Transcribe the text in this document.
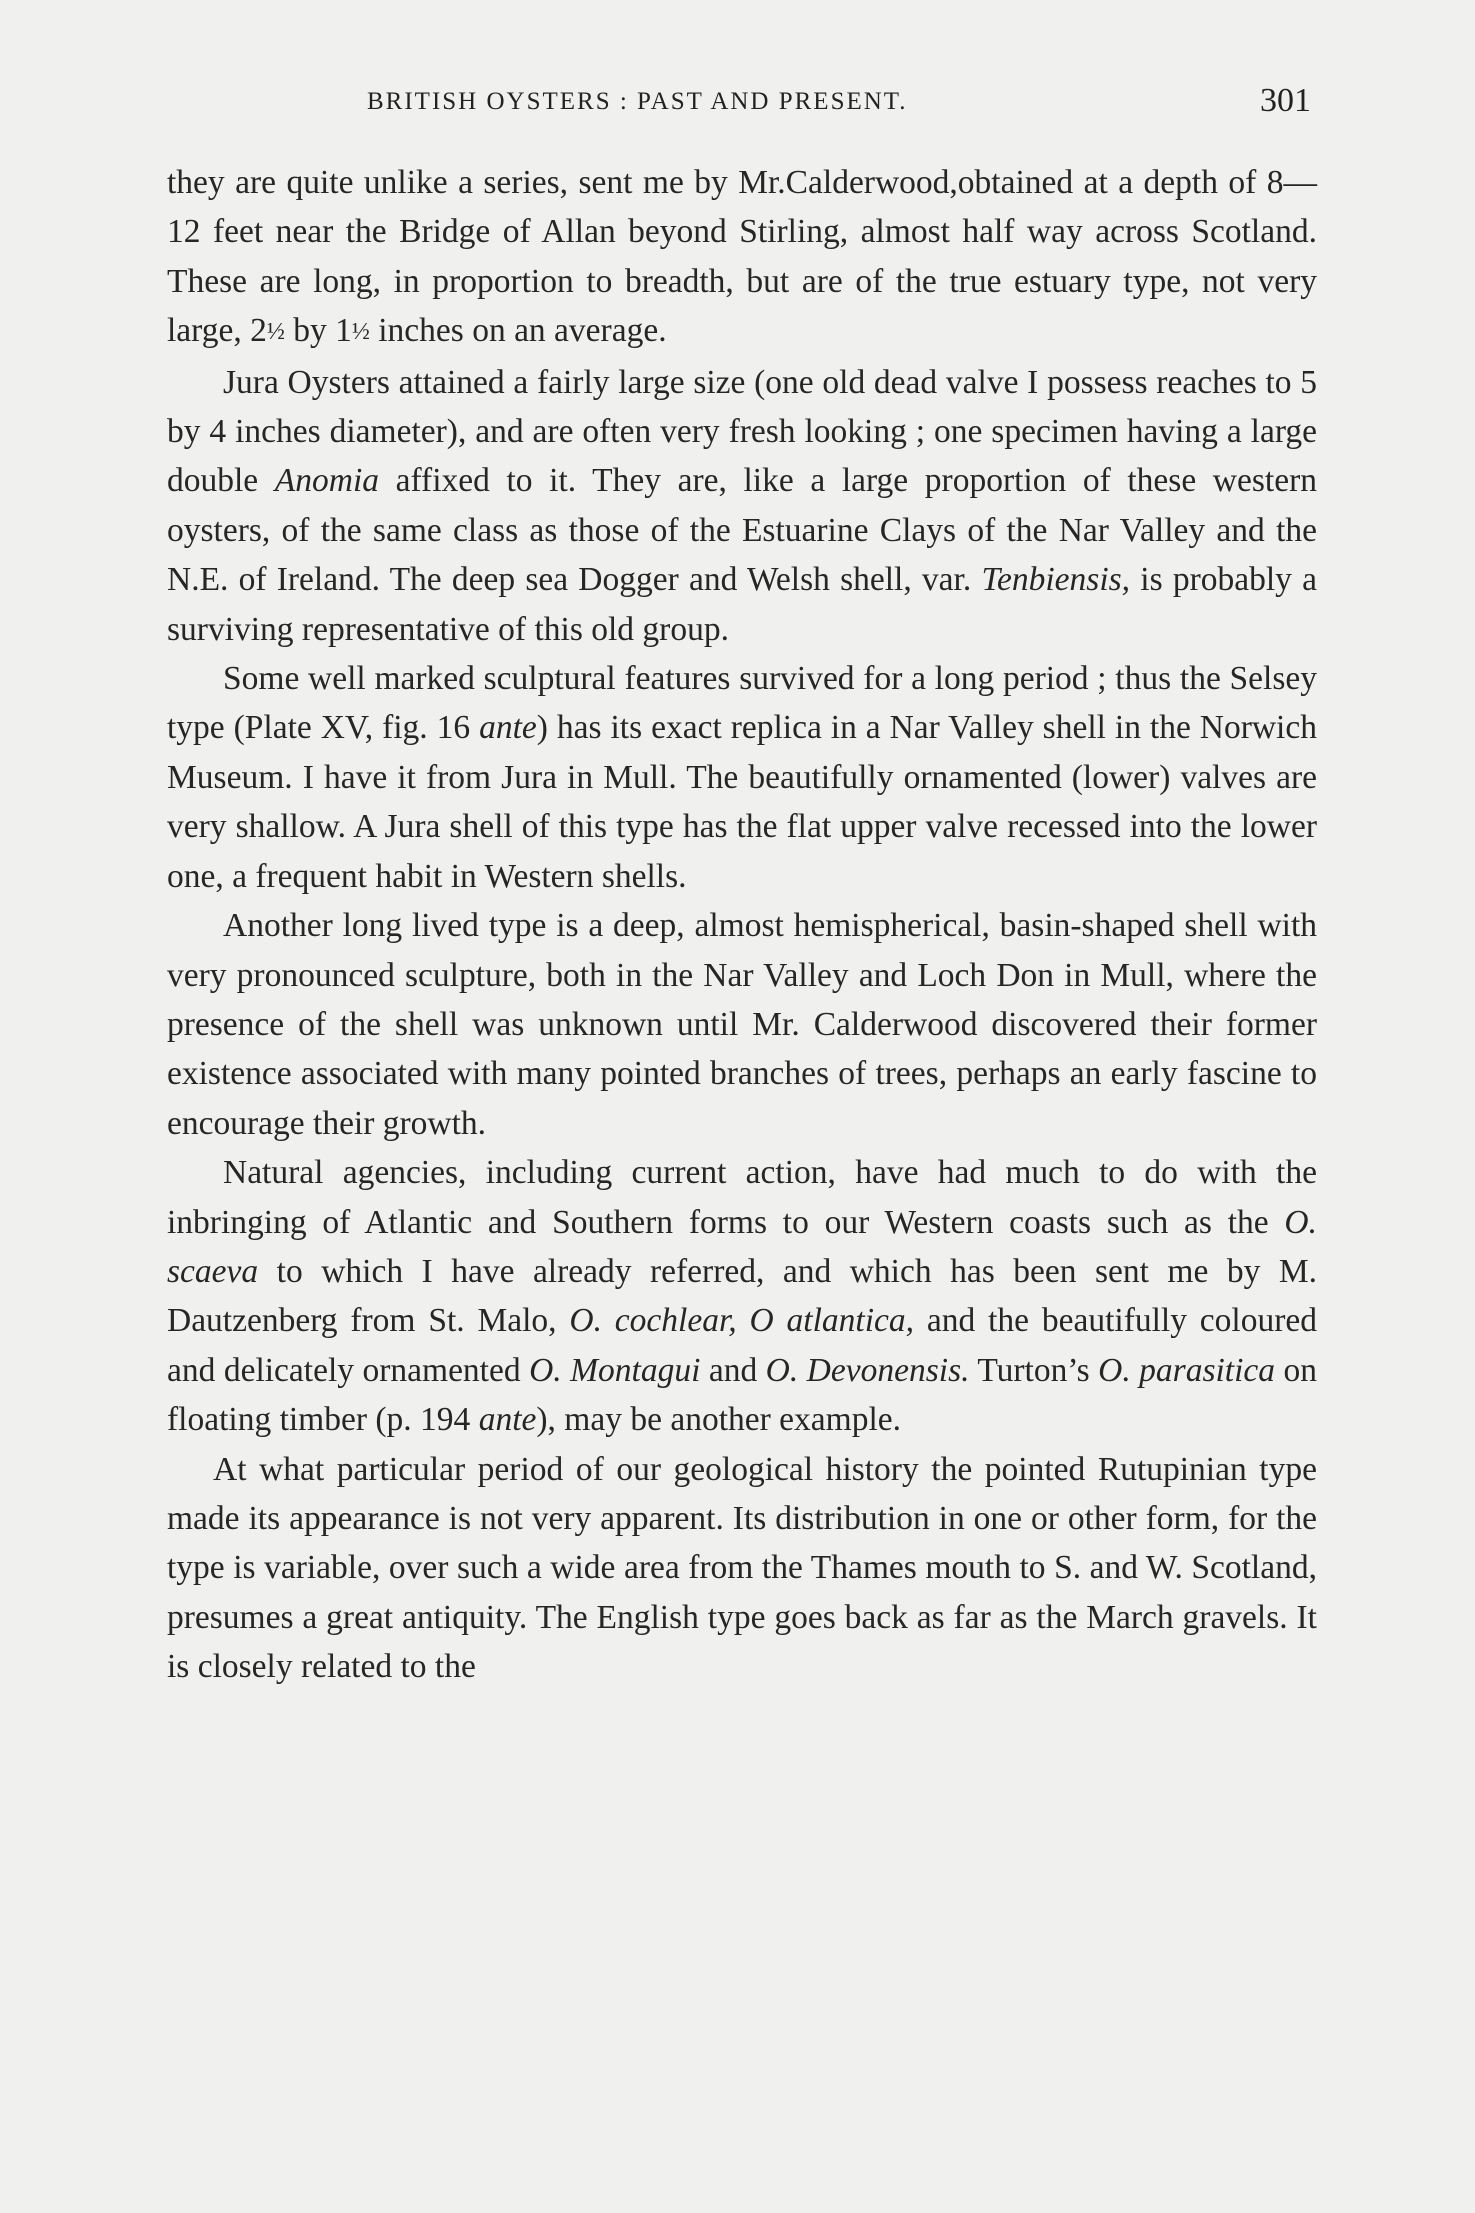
BRITISH OYSTERS : PAST AND PRESENT.	301

they are quite unlike a series, sent me by Mr.Calderwood,obtained at a depth of 8—12 feet near the Bridge of Allan beyond Stirling, almost half way across Scotland. These are long, in proportion to breadth, but are of the true estuary type, not very large, 2½ by 1½ inches on an average.

Jura Oysters attained a fairly large size (one old dead valve I possess reaches to 5 by 4 inches diameter), and are often very fresh looking ; one specimen having a large double Anomia affixed to it. They are, like a large proportion of these western oysters, of the same class as those of the Estuarine Clays of the Nar Valley and the N.E. of Ireland. The deep sea Dogger and Welsh shell, var. Tenbiensis, is probably a surviving representative of this old group.

Some well marked sculptural features survived for a long period ; thus the Selsey type (Plate XV, fig. 16 ante) has its exact replica in a Nar Valley shell in the Norwich Museum. I have it from Jura in Mull. The beautifully ornamented (lower) valves are very shallow. A Jura shell of this type has the flat upper valve recessed into the lower one, a frequent habit in Western shells.

Another long lived type is a deep, almost hemispherical, basin-shaped shell with very pronounced sculpture, both in the Nar Valley and Loch Don in Mull, where the presence of the shell was unknown until Mr. Calderwood discovered their former existence associated with many pointed branches of trees, perhaps an early fascine to encourage their growth.

Natural agencies, including current action, have had much to do with the inbringing of Atlantic and Southern forms to our Western coasts such as the O. scaeva to which I have already referred, and which has been sent me by M. Dautzenberg from St. Malo, O. cochlear, O atlantica, and the beautifully coloured and delicately ornamented O. Montagui and O. Devonensis. Turton’s O. parasitica on floating timber (p. 194 ante), may be another example.

At what particular period of our geological history the pointed Rutupinian type made its appearance is not very apparent. Its distribution in one or other form, for the type is variable, over such a wide area from the Thames mouth to S. and W. Scotland, presumes a great antiquity. The English type goes back as far as the March gravels. It is closely related to the
